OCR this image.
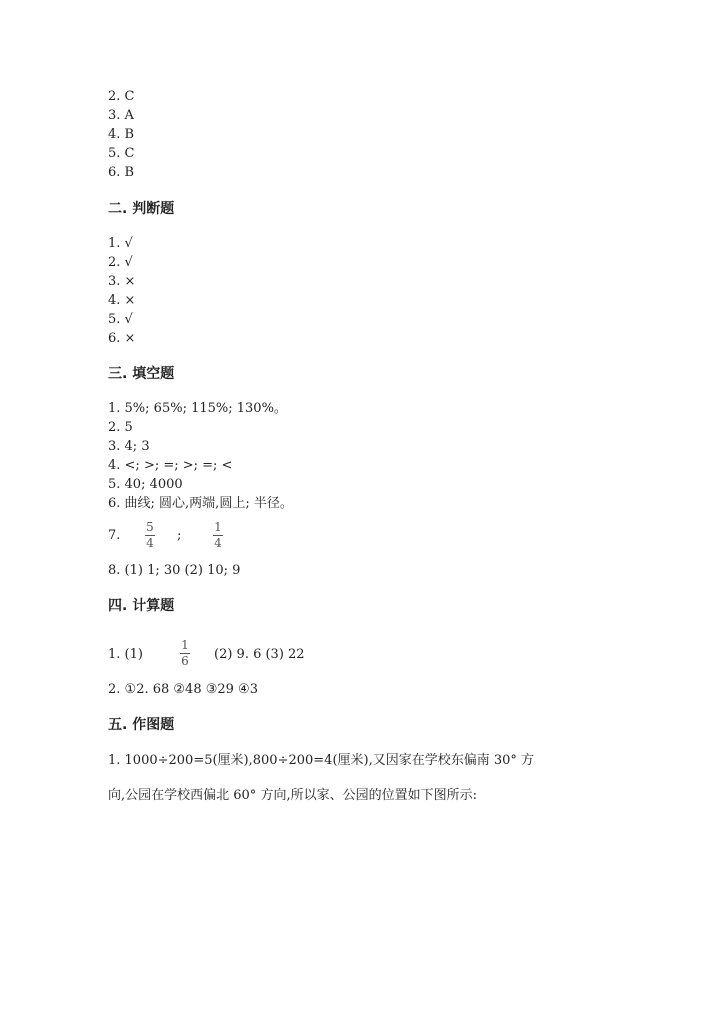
2. C
3. A
4. B
5. C
6. B
二. 判断题
1. √
2. √
3. ×
4. ×
5. √
6. ×
三. 填空题
1. 5%; 65%; 115%; 130%。
2. 5
3. 4; 3
4. <; >; =; >; =; <
5. 40; 4000
6. 曲线; 圆心,两端,圆上; 半径。
7.
5
4 ;
1
4
8. (1) 1; 30 (2) 10; 9
四. 计算题
1. (1)
1
6 (2) 9. 6 (3) 22
2. ①2. 68 ②48 ③29 ④3
五. 作图题
1. 1000÷200=5(厘米),800÷200=4(厘米),又因家在学校东偏南 30° 方
向,公园在学校西偏北 60° 方向,所以家、公园的位置如下图所示:
